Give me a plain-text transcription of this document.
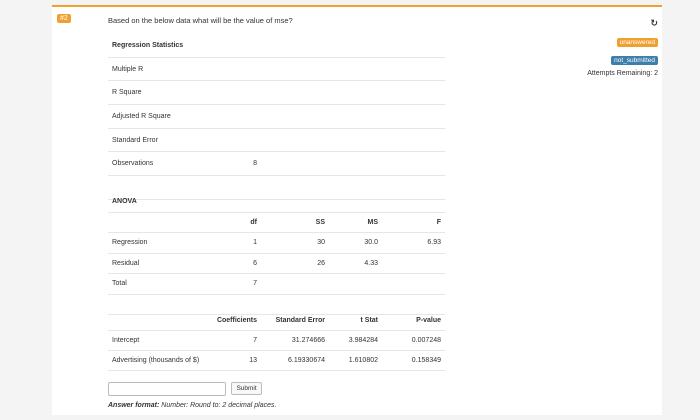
#2	Based on the below data what will be the value of mse?	↻
unanswered
not_submitted
Attempts Remaining: 2
Regression Statistics				
Multiple R				
R Square				
Adjusted R Square				
Standard Error				
Observations	8			

ANOVA				
	df	SS	MS	F
Regression	1	30	30.0	6.93
Residual	6	26	4.33	
Total	7			

	Coefficients	Standard Error	t Stat	P-value
Intercept	7	31.274666	3.984284	0.007248
Advertising (thousands of $)	13	6.19330674	1.610802	0.158349
Submit
Answer format: Number: Round to: 2 decimal places.
